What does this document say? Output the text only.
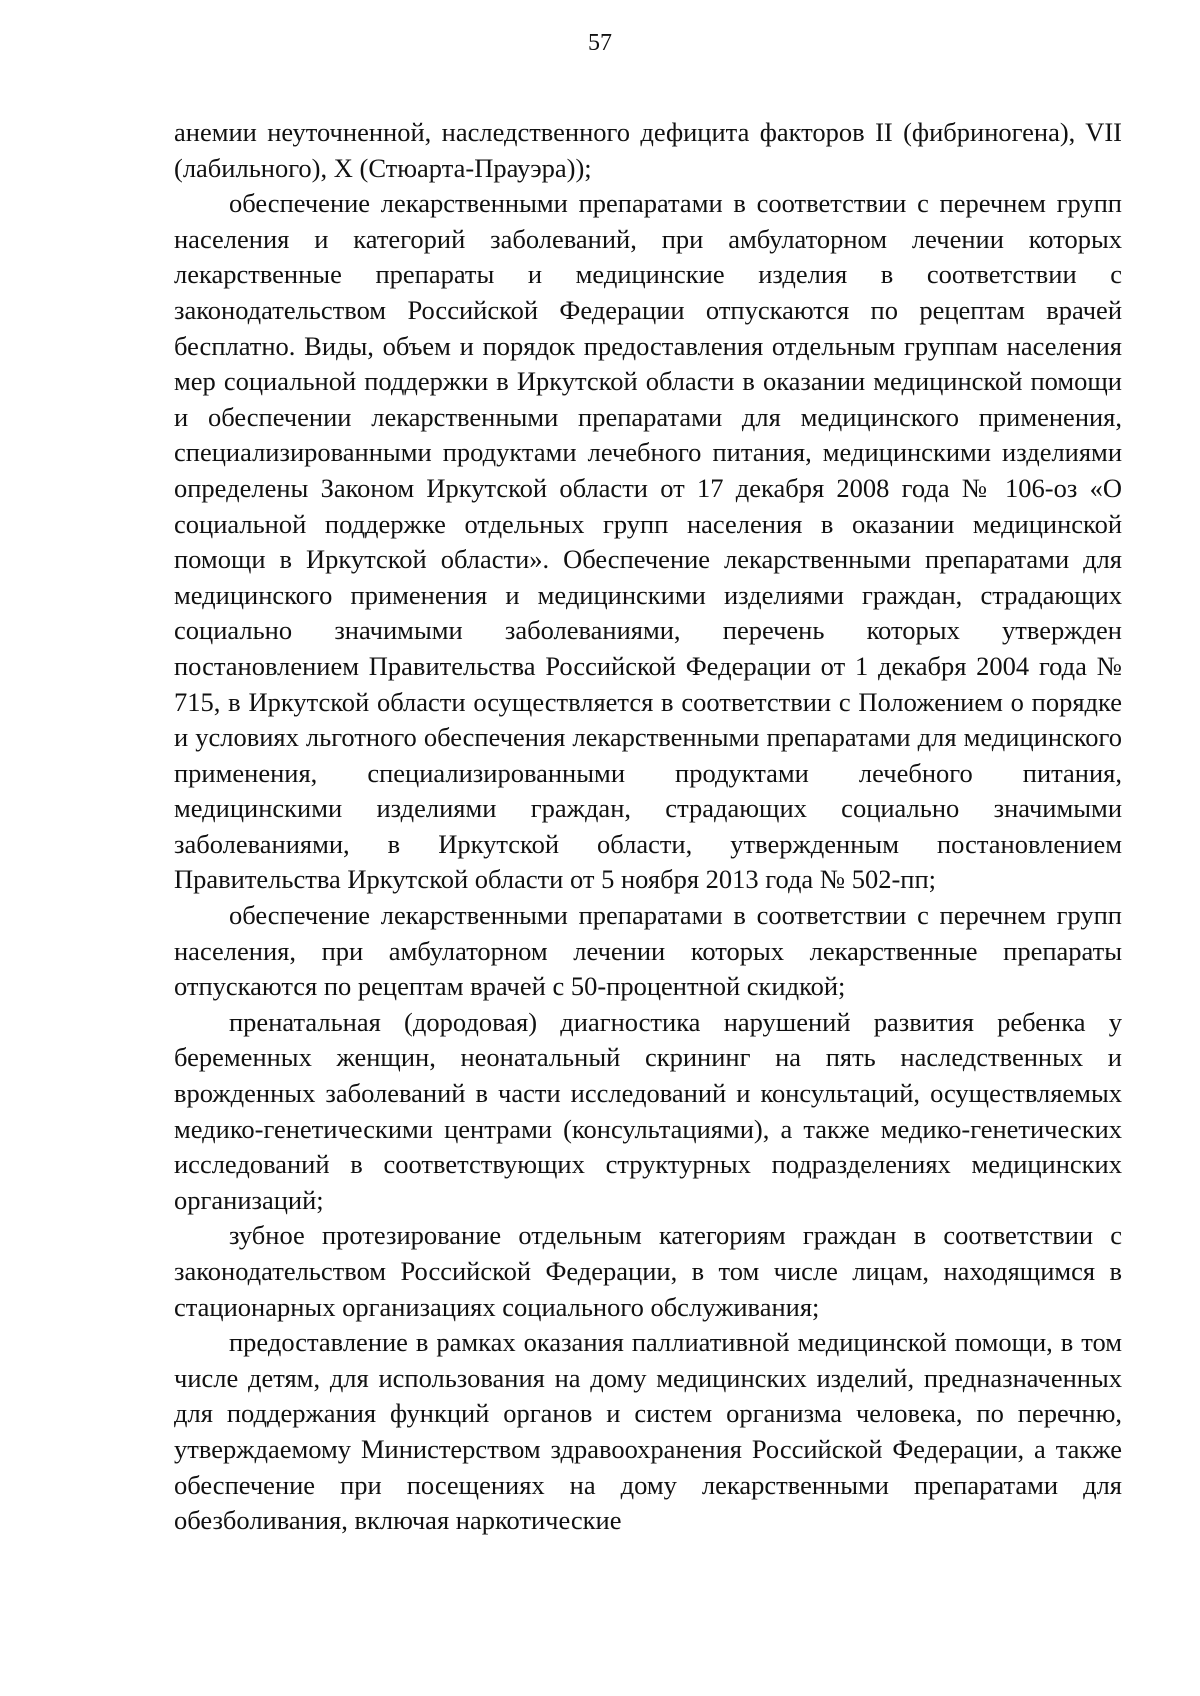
57

анемии неуточненной, наследственного дефицита факторов II (фибриногена), VII (лабильного), X (Стюарта-Прауэра));

обеспечение лекарственными препаратами в соответствии с перечнем групп населения и категорий заболеваний, при амбулаторном лечении которых лекарственные препараты и медицинские изделия в соответствии с законодательством Российской Федерации отпускаются по рецептам врачей бесплатно. Виды, объем и порядок предоставления отдельным группам населения мер социальной поддержки в Иркутской области в оказании медицинской помощи и обеспечении лекарственными препаратами для медицинского применения, специализированными продуктами лечебного питания, медицинскими изделиями определены Законом Иркутской области от 17 декабря 2008 года № 106-оз «О социальной поддержке отдельных групп населения в оказании медицинской помощи в Иркутской области». Обеспечение лекарственными препаратами для медицинского применения и медицинскими изделиями граждан, страдающих социально значимыми заболеваниями, перечень которых утвержден постановлением Правительства Российской Федерации от 1 декабря 2004 года № 715, в Иркутской области осуществляется в соответствии с Положением о порядке и условиях льготного обеспечения лекарственными препаратами для медицинского применения, специализированными продуктами лечебного питания, медицинскими изделиями граждан, страдающих социально значимыми заболеваниями, в Иркутской области, утвержденным постановлением Правительства Иркутской области от 5 ноября 2013 года № 502-пп;

обеспечение лекарственными препаратами в соответствии с перечнем групп населения, при амбулаторном лечении которых лекарственные препараты отпускаются по рецептам врачей с 50-процентной скидкой;

пренатальная (дородовая) диагностика нарушений развития ребенка у беременных женщин, неонатальный скрининг на пять наследственных и врожденных заболеваний в части исследований и консультаций, осуществляемых медико-генетическими центрами (консультациями), а также медико-генетических исследований в соответствующих структурных подразделениях медицинских организаций;

зубное протезирование отдельным категориям граждан в соответствии с законодательством Российской Федерации, в том числе лицам, находящимся в стационарных организациях социального обслуживания;

предоставление в рамках оказания паллиативной медицинской помощи, в том числе детям, для использования на дому медицинских изделий, предназначенных для поддержания функций органов и систем организма человека, по перечню, утверждаемому Министерством здравоохранения Российской Федерации, а также обеспечение при посещениях на дому лекарственными препаратами для обезболивания, включая наркотические
